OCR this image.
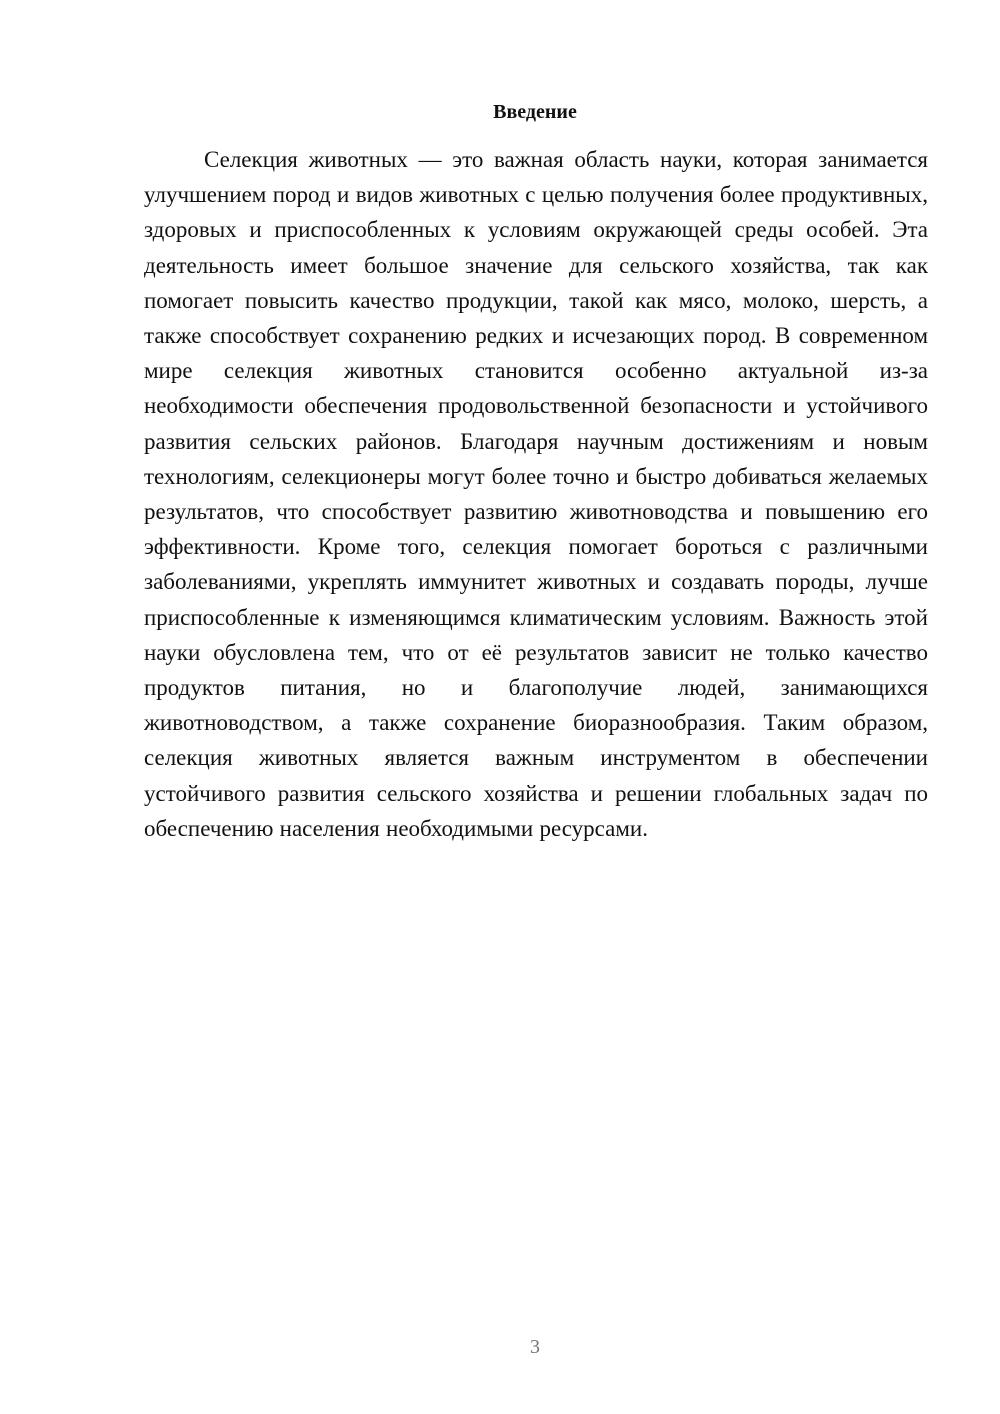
Введение

Селекция животных — это важная область науки, которая занимается улучшением пород и видов животных с целью получения более продуктивных, здоровых и приспособленных к условиям окружающей среды особей. Эта деятельность имеет большое значение для сельского хозяйства, так как помогает повысить качество продукции, такой как мясо, молоко, шерсть, а также способствует сохранению редких и исчезающих пород. В современном мире селекция животных становится особенно актуальной из-за необходимости обеспечения продовольственной безопасности и устойчивого развития сельских районов. Благодаря научным достижениям и новым технологиям, селекционеры могут более точно и быстро добиваться желаемых результатов, что способствует развитию животноводства и повышению его эффективности. Кроме того, селекция помогает бороться с различными заболеваниями, укреплять иммунитет животных и создавать породы, лучше приспособленные к изменяющимся климатическим условиям. Важность этой науки обусловлена тем, что от её результатов зависит не только качество продуктов питания, но и благополучие людей, занимающихся животноводством, а также сохранение биоразнообразия. Таким образом, селекция животных является важным инструментом в обеспечении устойчивого развития сельского хозяйства и решении глобальных задач по обеспечению населения необходимыми ресурсами.

3
